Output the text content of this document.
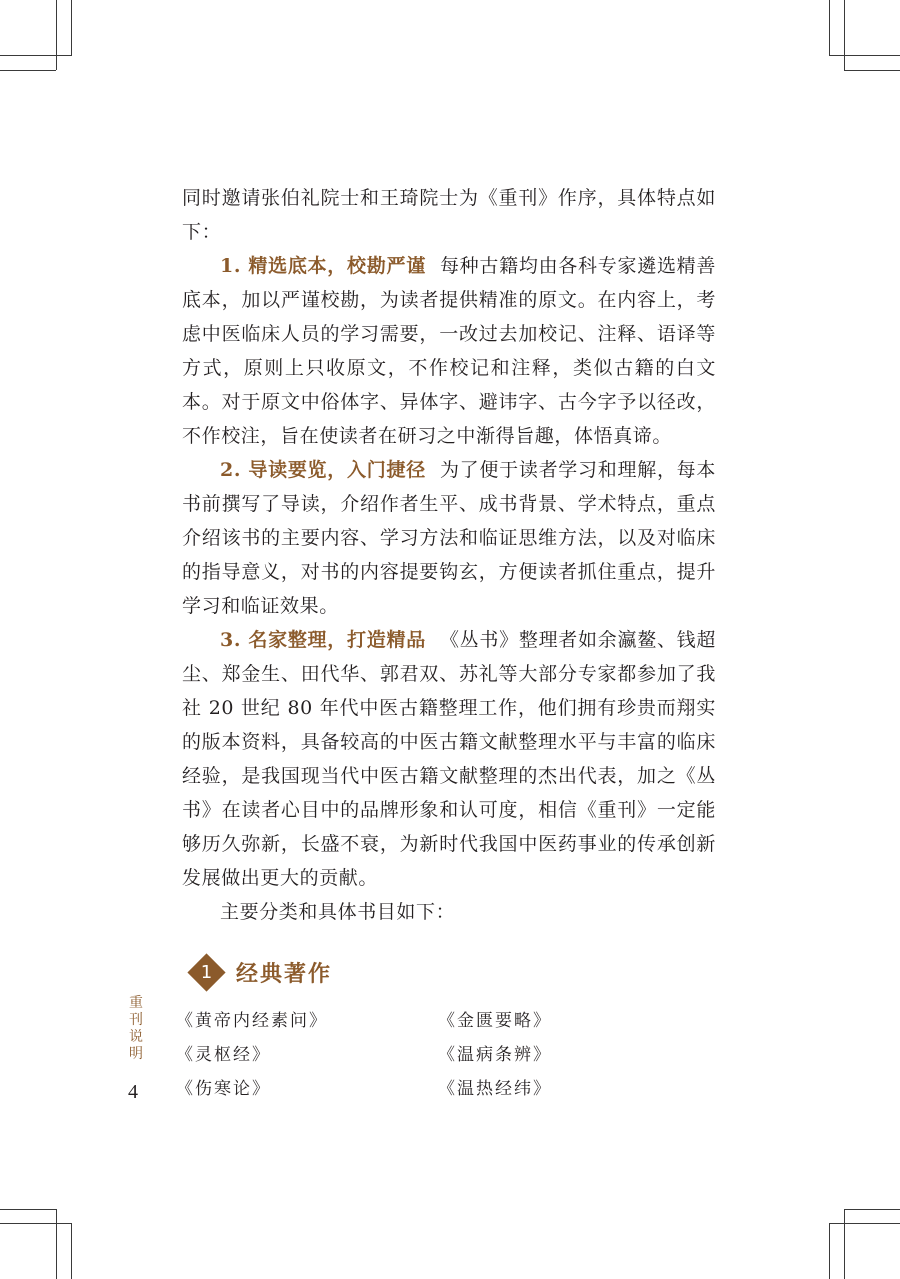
同时邀请张伯礼院士和王琦院士为《重刊》作序，具体特点如下：

1. 精选底本，校勘严谨 每种古籍均由各科专家遴选精善底本，加以严谨校勘，为读者提供精准的原文。在内容上，考虑中医临床人员的学习需要，一改过去加校记、注释、语译等方式，原则上只收原文，不作校记和注释，类似古籍的白文本。对于原文中俗体字、异体字、避讳字、古今字予以径改，不作校注，旨在使读者在研习之中渐得旨趣，体悟真谛。

2. 导读要览，入门捷径 为了便于读者学习和理解，每本书前撰写了导读，介绍作者生平、成书背景、学术特点，重点介绍该书的主要内容、学习方法和临证思维方法，以及对临床的指导意义，对书的内容提要钩玄，方便读者抓住重点，提升学习和临证效果。

3. 名家整理，打造精品 《丛书》整理者如余瀛鳌、钱超尘、郑金生、田代华、郭君双、苏礼等大部分专家都参加了我社 20 世纪 80 年代中医古籍整理工作，他们拥有珍贵而翔实的版本资料，具备较高的中医古籍文献整理水平与丰富的临床经验，是我国现当代中医古籍文献整理的杰出代表，加之《丛书》在读者心目中的品牌形象和认可度，相信《重刊》一定能够历久弥新，长盛不衰，为新时代我国中医药事业的传承创新发展做出更大的贡献。

主要分类和具体书目如下：

1	经典著作
《黄帝内经素问》	《金匮要略》
《灵枢经》	《温病条辨》
《伤寒论》	《温热经纬》
重
刊
说
明
4
